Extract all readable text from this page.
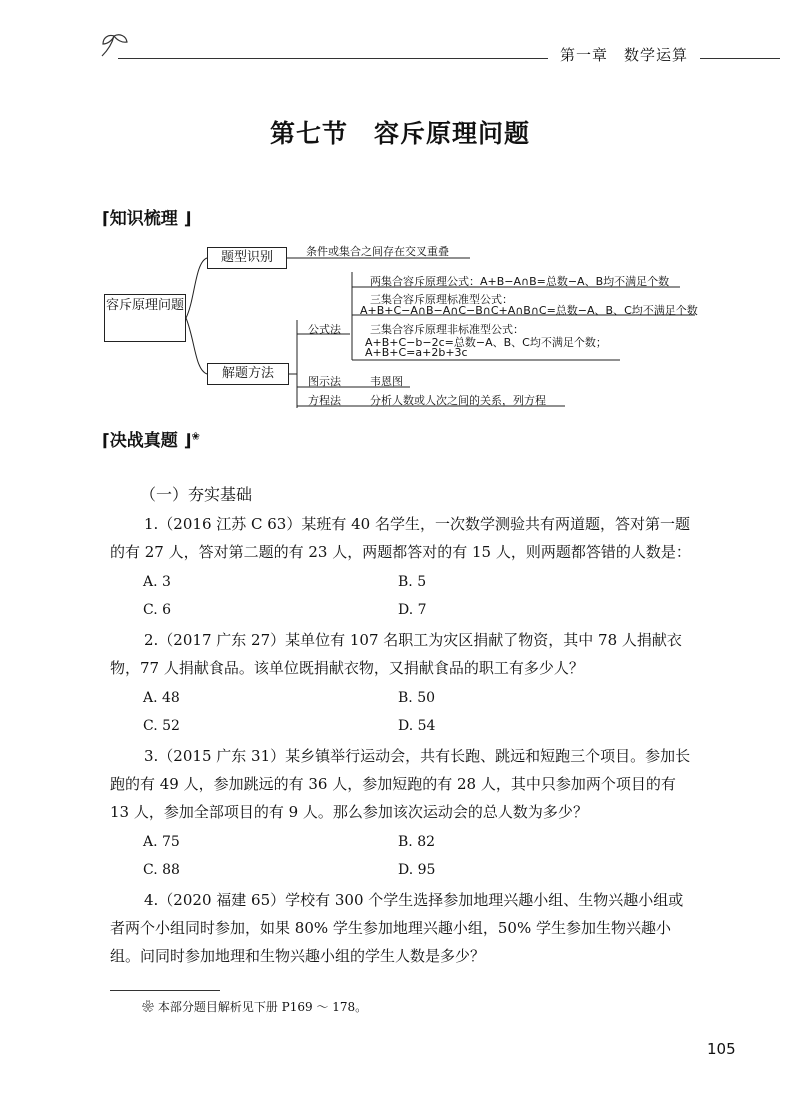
第一章　数学运算
第七节　容斥原理问题
⌈知识梳理 ⌋
容斥原理问题
题型识别	条件或集合之间存在交叉重叠
解题方法
公式法
两集合容斥原理公式：A+B−A∩B=总数−A、B均不满足个数
三集合容斥原理标准型公式：
A+B+C−A∩B−A∩C−B∩C+A∩B∩C=总数−A、B、C均不满足个数
三集合容斥原理非标准型公式：
A+B+C−b−2c=总数−A、B、C均不满足个数；
A+B+C=a+2b+3c
图示法	韦恩图
方程法	分析人数或人次之间的关系，列方程
⌈决战真题 ⌋❀
（一）夯实基础
1.（2016 江苏 C 63）某班有 40 名学生，一次数学测验共有两道题，答对第一题的有 27 人，答对第二题的有 23 人，两题都答对的有 15 人，则两题都答错的人数是：
A. 3	B. 5
C. 6	D. 7
2.（2017 广东 27）某单位有 107 名职工为灾区捐献了物资，其中 78 人捐献衣物，77 人捐献食品。该单位既捐献衣物，又捐献食品的职工有多少人？
A. 48	B. 50
C. 52	D. 54
3.（2015 广东 31）某乡镇举行运动会，共有长跑、跳远和短跑三个项目。参加长跑的有 49 人，参加跳远的有 36 人，参加短跑的有 28 人，其中只参加两个项目的有 13 人，参加全部项目的有 9 人。那么参加该次运动会的总人数为多少？
A. 75	B. 82
C. 88	D. 95
4.（2020 福建 65）学校有 300 个学生选择参加地理兴趣小组、生物兴趣小组或者两个小组同时参加，如果 80% 学生参加地理兴趣小组，50% 学生参加生物兴趣小组。问同时参加地理和生物兴趣小组的学生人数是多少？
❀ 本部分题目解析见下册 P169 ～ 178。
105
